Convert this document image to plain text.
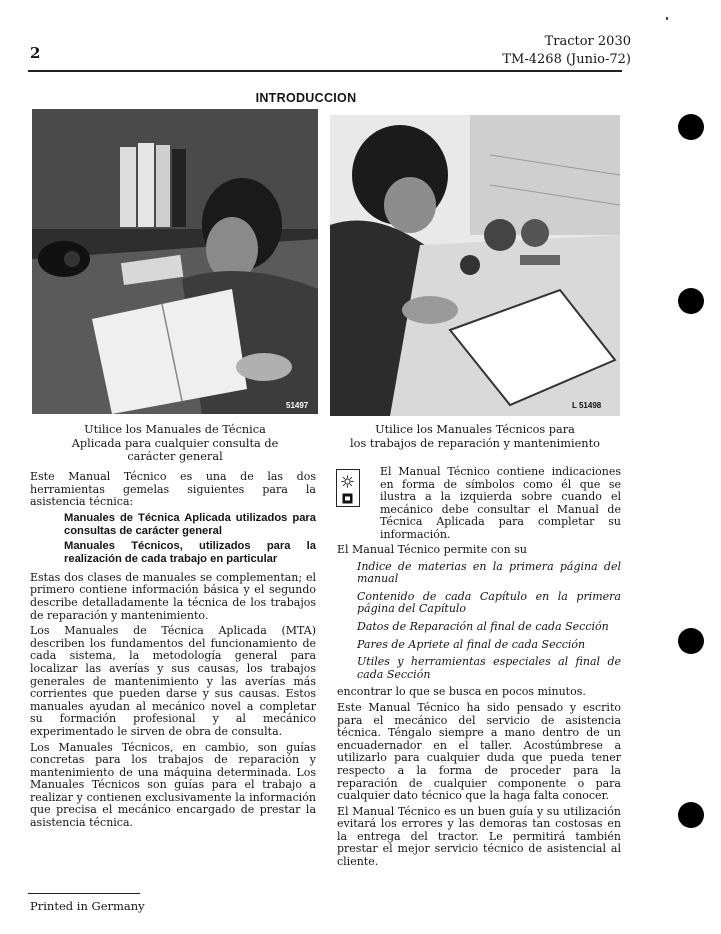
2
Tractor 2030
TM-4268 (Junio-72)
INTRODUCCION
51497	L 51498
Utilice los Manuales de Técnica
Aplicada para cualquier consulta de
carácter general
Utilice los Manuales Técnicos para
los trabajos de reparación y mantenimiento

Este Manual Técnico es una de las dos herramientas gemelas siguientes para la asistencia técnica:

Manuales de Técnica Aplicada utilizados para consultas de carácter general

Manuales Técnicos, utilizados para la realización de cada trabajo en particular

Estas dos clases de manuales se complementan; el primero contiene información básica y el segundo describe detalladamente la técnica de los trabajos de reparación y mantenimiento.

Los Manuales de Técnica Aplicada (MTA) describen los fundamentos del funcionamiento de cada sistema, la metodología general para localizar las averías y sus causas, los trabajos generales de mantenimiento y las averías más corrientes que pueden darse y sus causas. Estos manuales ayudan al mecánico novel a completar su formación profesional y al mecánico experimentado le sirven de obra de consulta.

Los Manuales Técnicos, en cambio, son guías concretas para los trabajos de reparación y mantenimiento de una máquina determinada. Los Manuales Técnicos son guías para el trabajo a realizar y contienen exclusivamente la información que precisa el mecánico encargado de prestar la asistencia técnica.

El Manual Técnico contiene indicaciones en forma de símbolos como él que se ilustra a la izquierda sobre cuando el mecánico debe consultar el Manual de Técnica Aplicada para completar su información.

El Manual Técnico permite con su

Indice de materias en la primera página del manual

Contenido de cada Capítulo en la primera página del Capítulo

Datos de Reparación al final de cada Sección

Pares de Apriete al final de cada Sección

Utiles y herramientas especiales al final de cada Sección

encontrar lo que se busca en pocos minutos.

Este Manual Técnico ha sido pensado y escrito para el mecánico del servicio de asistencia técnica. Téngalo siempre a mano dentro de un encuadernador en el taller. Acostúmbrese a utilizarlo para cualquier duda que pueda tener respecto a la forma de proceder para la reparación de cualquier componente o para cualquier dato técnico que la haga falta conocer.

El Manual Técnico es un buen guía y su utilización evitará los errores y las demoras tan costosas en la entrega del tractor. Le permitirá también prestar el mejor servicio técnico de asistencial al cliente.

Printed in Germany
